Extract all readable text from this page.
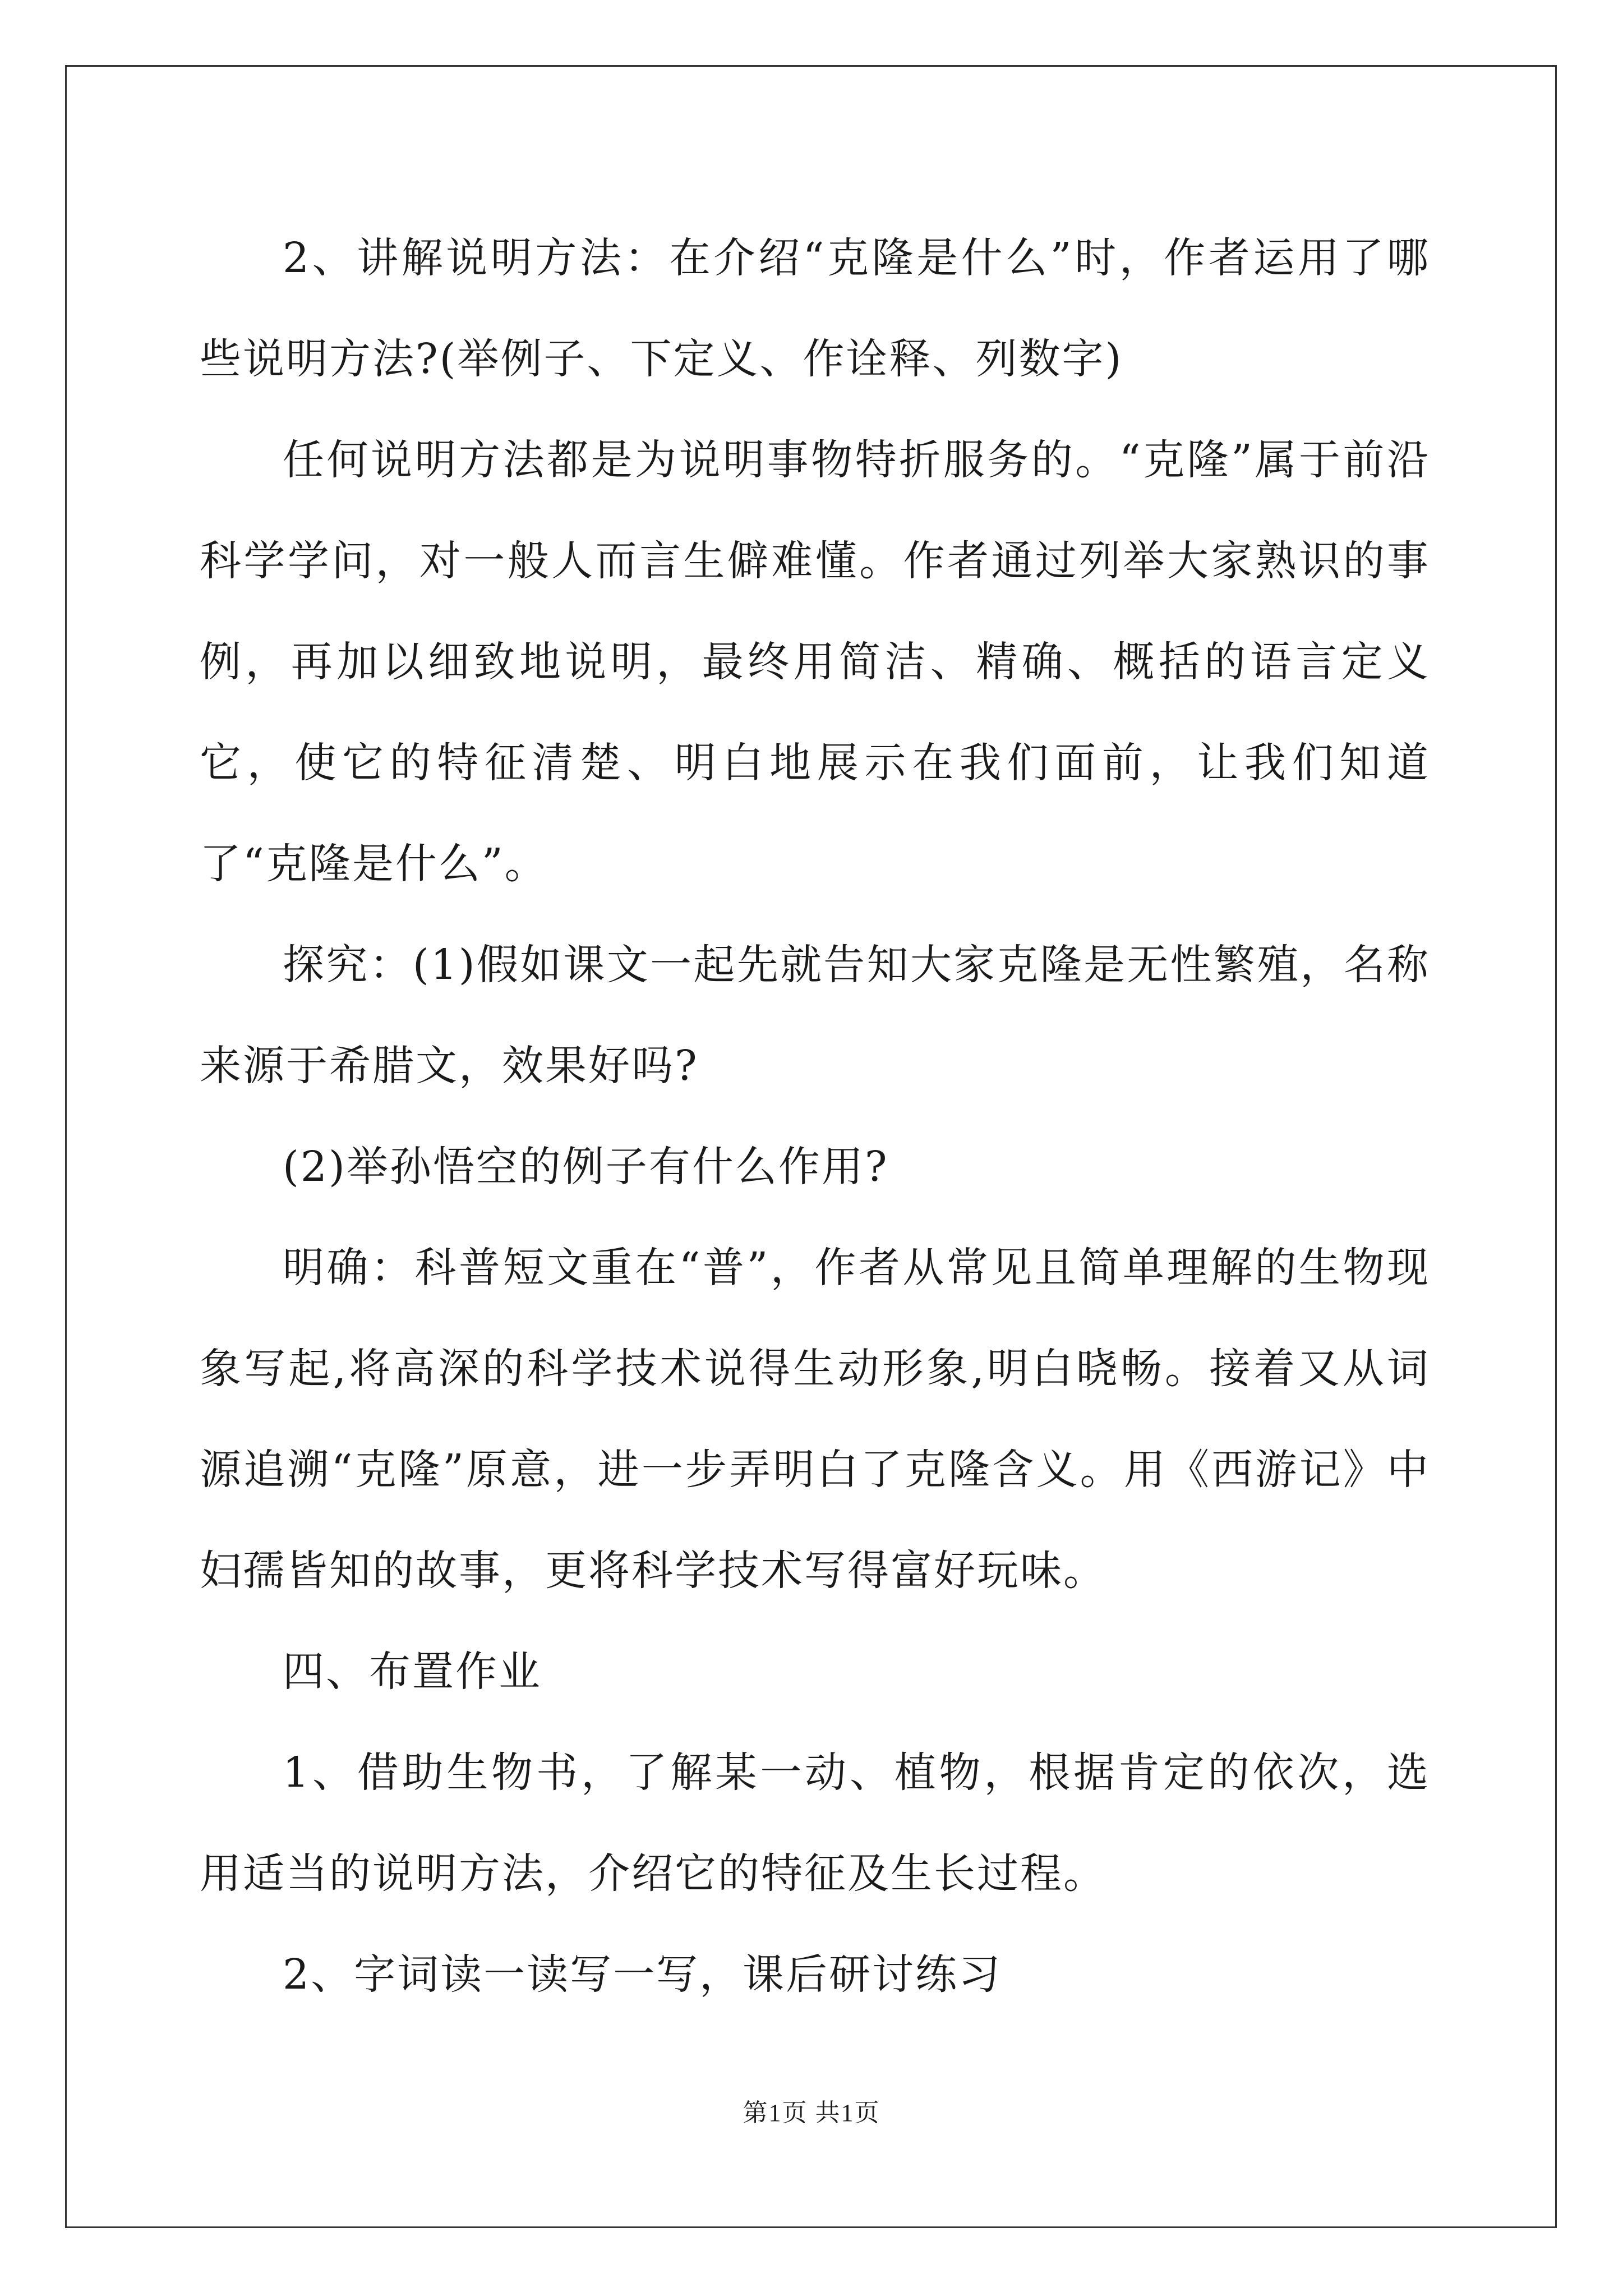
2、讲解说明方法：在介绍“克隆是什么”时，作者运用了哪些说明方法?(举例子、下定义、作诠释、列数字)

任何说明方法都是为说明事物特折服务的。“克隆”属于前沿科学学问，对一般人而言生僻难懂。作者通过列举大家熟识的事例，再加以细致地说明，最终用简洁、精确、概括的语言定义它，使它的特征清楚、明白地展示在我们面前，让我们知道了“克隆是什么”。

探究：(1)假如课文一起先就告知大家克隆是无性繁殖，名称来源于希腊文，效果好吗?

(2)举孙悟空的例子有什么作用?

明确：科普短文重在“普”，作者从常见且简单理解的生物现象写起,将高深的科学技术说得生动形象,明白晓畅。接着又从词源追溯“克隆”原意，进一步弄明白了克隆含义。用《西游记》中妇孺皆知的故事，更将科学技术写得富好玩味。

四、布置作业

1、借助生物书，了解某一动、植物，根据肯定的依次，选用适当的说明方法，介绍它的特征及生长过程。

2、字词读一读写一写，课后研讨练习

第1页 共1页
